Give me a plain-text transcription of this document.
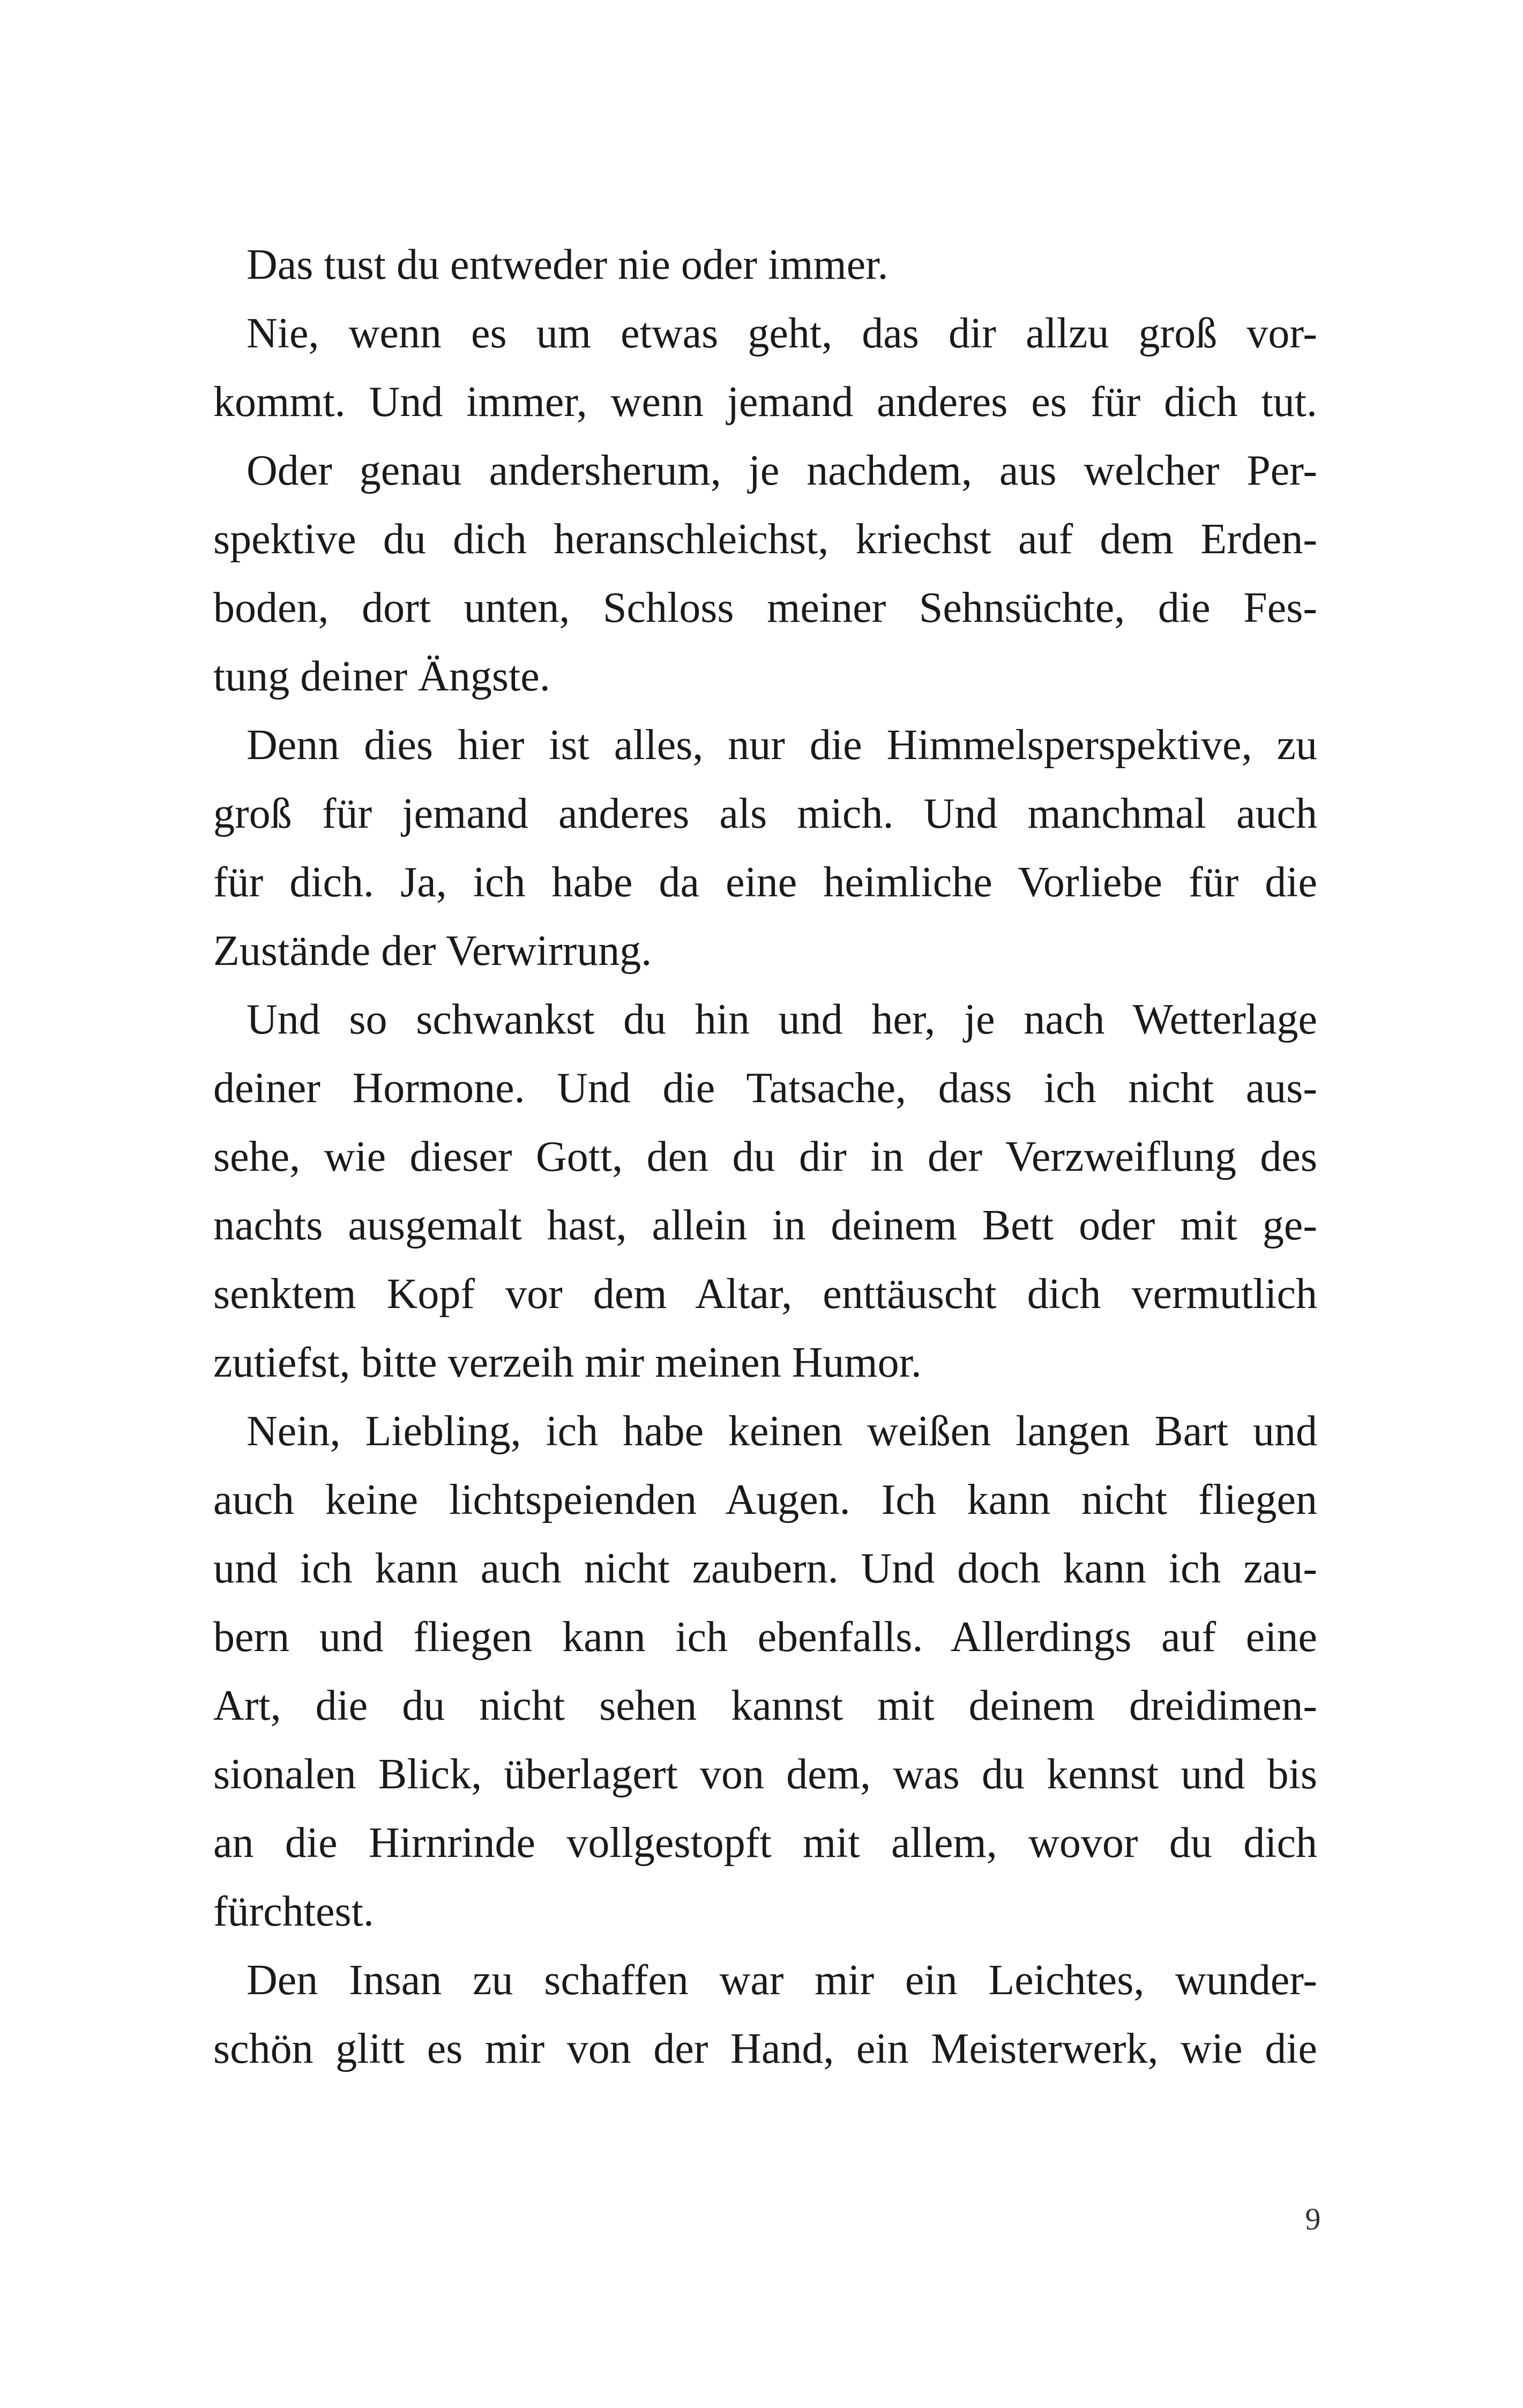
Das tust du entweder nie oder immer.
Nie, wenn es um etwas geht, das dir allzu groß vor-
kommt. Und immer, wenn jemand anderes es für dich tut.
Oder genau andersherum, je nachdem, aus welcher Per-
spektive du dich heranschleichst, kriechst auf dem Erden-
boden, dort unten, Schloss meiner Sehnsüchte, die Fes-
tung deiner Ängste.
Denn dies hier ist alles, nur die Himmelsperspektive, zu
groß für jemand anderes als mich. Und manchmal auch
für dich. Ja, ich habe da eine heimliche Vorliebe für die
Zustände der Verwirrung.
Und so schwankst du hin und her, je nach Wetterlage
deiner Hormone. Und die Tatsache, dass ich nicht aus-
sehe, wie dieser Gott, den du dir in der Verzweiflung des
nachts ausgemalt hast, allein in deinem Bett oder mit ge-
senktem Kopf vor dem Altar, enttäuscht dich vermutlich
zutiefst, bitte verzeih mir meinen Humor.
Nein, Liebling, ich habe keinen weißen langen Bart und
auch keine lichtspeienden Augen. Ich kann nicht fliegen
und ich kann auch nicht zaubern. Und doch kann ich zau-
bern und fliegen kann ich ebenfalls. Allerdings auf eine
Art, die du nicht sehen kannst mit deinem dreidimen-
sionalen Blick, überlagert von dem, was du kennst und bis
an die Hirnrinde vollgestopft mit allem, wovor du dich
fürchtest.
Den Insan zu schaffen war mir ein Leichtes, wunder-
schön glitt es mir von der Hand, ein Meisterwerk, wie die
9
